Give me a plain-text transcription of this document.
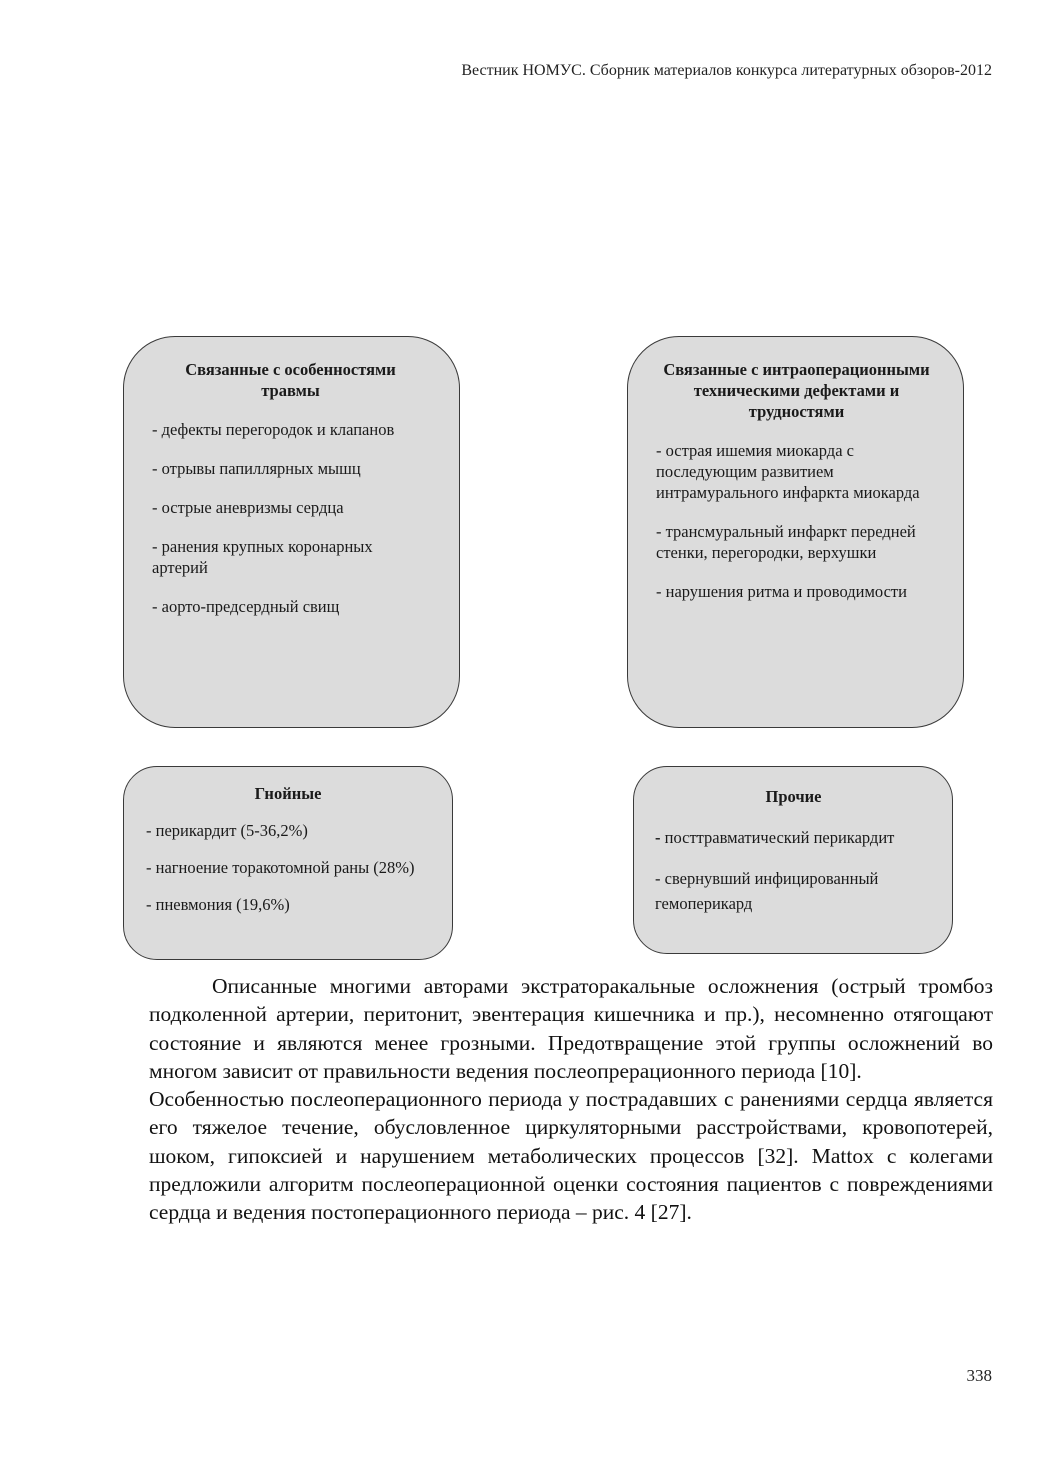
Вестник НОМУС. Сборник материалов конкурса литературных обзоров-2012
Связанные с особенностями травмы
- дефекты перегородок и клапанов
- отрывы папиллярных мышц
- острые аневризмы сердца
- ранения крупных коронарных артерий
- аорто-предсердный свищ
Связанные с интраоперационными техническими дефектами и трудностями
- острая ишемия миокарда с последующим развитием интрамурального инфаркта миокарда
- трансмуральный инфаркт передней стенки, перегородки, верхушки
- нарушения ритма и проводимости
Гнойные
- перикардит (5-36,2%)
- нагноение торакотомной раны (28%)
- пневмония (19,6%)
Прочие
- посттравматический перикардит
- свернувший инфицированный гемоперикард

Описанные многими авторами экстраторакальные осложнения (острый тромбоз подколенной артерии, перитонит, эвентерация кишечника и пр.), несомненно отягощают состояние и являются менее грозными. Предотвращение этой группы осложнений во многом зависит от правильности ведения послеопрерационного периода [10].

Особенностью послеоперационного периода у пострадавших с ранениями сердца является его тяжелое течение, обусловленное циркуляторными расстройствами, кровопотерей, шоком, гипоксией и нарушением метаболических процессов [32]. Mattox с колегами предложили алгоритм послеоперационной оценки состояния пациентов с повреждениями сердца и ведения постоперационного периода – рис. 4 [27].

338
